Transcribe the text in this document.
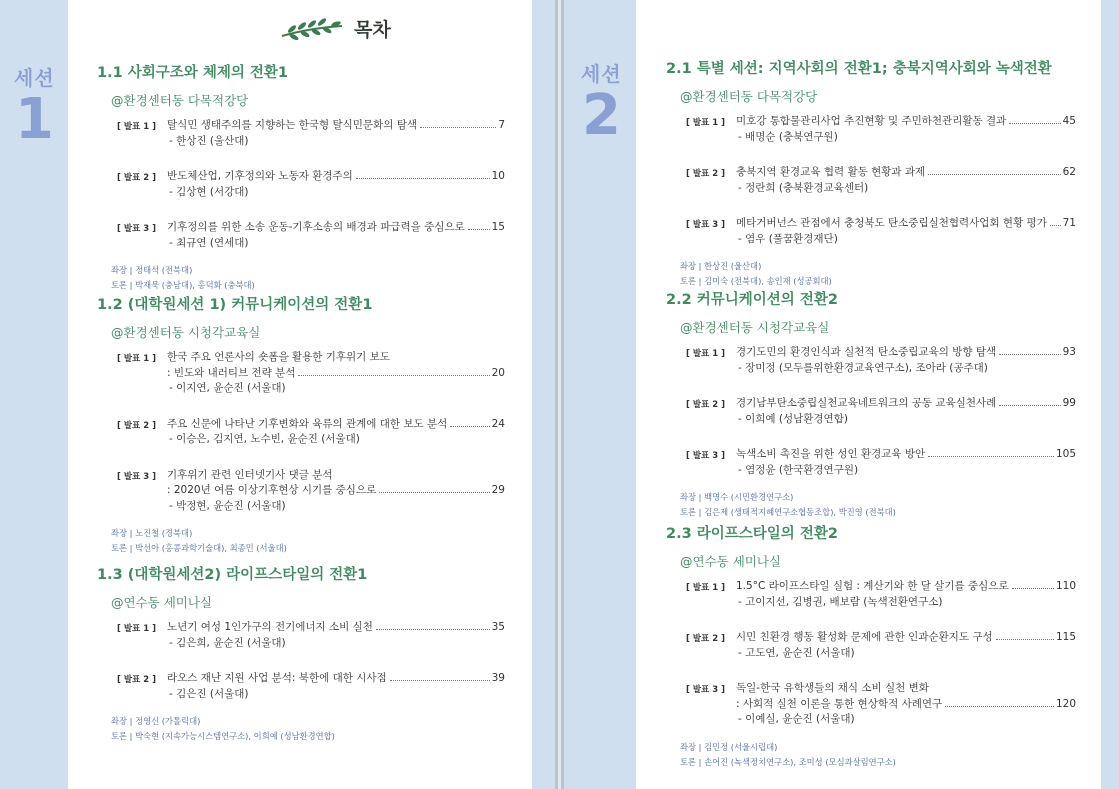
세션
1
목차
1.1 사회구조와 체제의 전환1
@환경센터동 다목적강당
[ 발표 1 ]	탈식민 생태주의를 지향하는 한국형 탈식민문화의 탐색	7
- 한상진 (울산대)
[ 발표 2 ]	반도체산업, 기후정의와 노동자 환경주의	10
- 김상현 (서강대)
[ 발표 3 ]	기후정의를 위한 소송 운동-기후소송의 배경과 파급력을 중심으로	15
- 최규연 (연세대)
좌장 | 정태석 (전북대)
토론 | 박재묵 (충남대), 홍덕화 (충북대)
1.2 (대학원세션 1) 커뮤니케이션의 전환1
@환경센터동 시청각교육실
[ 발표 1 ]	한국 주요 언론사의 숏폼을 활용한 기후위기 보도
: 빈도와 내러티브 전략 분석	20
- 이지연, 윤순진 (서울대)
[ 발표 2 ]	주요 신문에 나타난 기후변화와 육류의 관계에 대한 보도 분석	24
- 이승은, 김지연, 노수빈, 윤순진 (서울대)
[ 발표 3 ]	기후위기 관련 인터넷기사 댓글 분석
: 2020년 여름 이상기후현상 시기를 중심으로	29
- 박정현, 윤순진 (서울대)
좌장 | 노진철 (경북대)
토론 | 박선아 (홍콩과학기술대), 최종민 (서울대)
1.3 (대학원세션2) 라이프스타일의 전환1
@연수동 세미나실
[ 발표 1 ]	노년기 여성 1인가구의 전기에너지 소비 실천	35
- 김은희, 윤순진 (서울대)
[ 발표 2 ]	라오스 재난 지원 사업 분석: 북한에 대한 시사점	39
- 김은진 (서울대)
좌장 | 정영신 (가톨릭대)
토론 | 박숙현 (지속가능시스템연구소), 이희예 (성남환경연합)
세션
2
2.1 특별 세션: 지역사회의 전환1; 충북지역사회와 녹색전환
@환경센터동 다목적강당
[ 발표 1 ]	미호강 통합물관리사업 추진현황 및 주민하천관리활동 결과	45
- 배명순 (충북연구원)
[ 발표 2 ]	충북지역 환경교육 협력 활동 현황과 과제	62
- 정란희 (충북환경교육센터)
[ 발표 3 ]	메타거버넌스 관점에서 충청북도 탄소중립실천협력사업회 현황 평가 71
- 염우 (풀꿈환경재단)
좌장 | 한상진 (울산대)
토론 | 김미숙 (전북대), 송인재 (성공회대)
2.2 커뮤니케이션의 전환2
@환경센터동 시청각교육실
[ 발표 1 ]	경기도민의 환경인식과 실천적 탄소중립교육의 방향 탐색	93
- 장미정 (모두를위한환경교육연구소), 조아라 (공주대)
[ 발표 2 ]	경기남부탄소중립실천교육네트워크의 공동 교육실천사례	99
- 이희예 (성남환경연합)
[ 발표 3 ]	녹색소비 촉진을 위한 성인 환경교육 방안	105
- 염정윤 (한국환경연구원)
좌장 | 백명수 (시민환경연구소)
토론 | 김은제 (생태적지혜연구소협동조합), 박진영 (전북대)
2.3 라이프스타일의 전환2
@연수동 세미나실
[ 발표 1 ]	1.5°C 라이프스타일 실험 : 계산기와 한 달 살기를 중심으로	110
- 고이지선, 김병권, 배보람 (녹색전환연구소)
[ 발표 2 ]	시민 친환경 행동 활성화 문제에 관한 인과순환지도 구성	115
- 고도연, 윤순진 (서울대)
[ 발표 3 ]	독일-한국 유학생들의 채식 소비 실천 변화
: 사회적 실천 이론을 통한 현상학적 사례연구	120
- 이예실, 윤순진 (서울대)
좌장 | 김민정 (서울시립대)
토론 | 손어진 (녹색정치연구소), 조미성 (모심과살림연구소)
